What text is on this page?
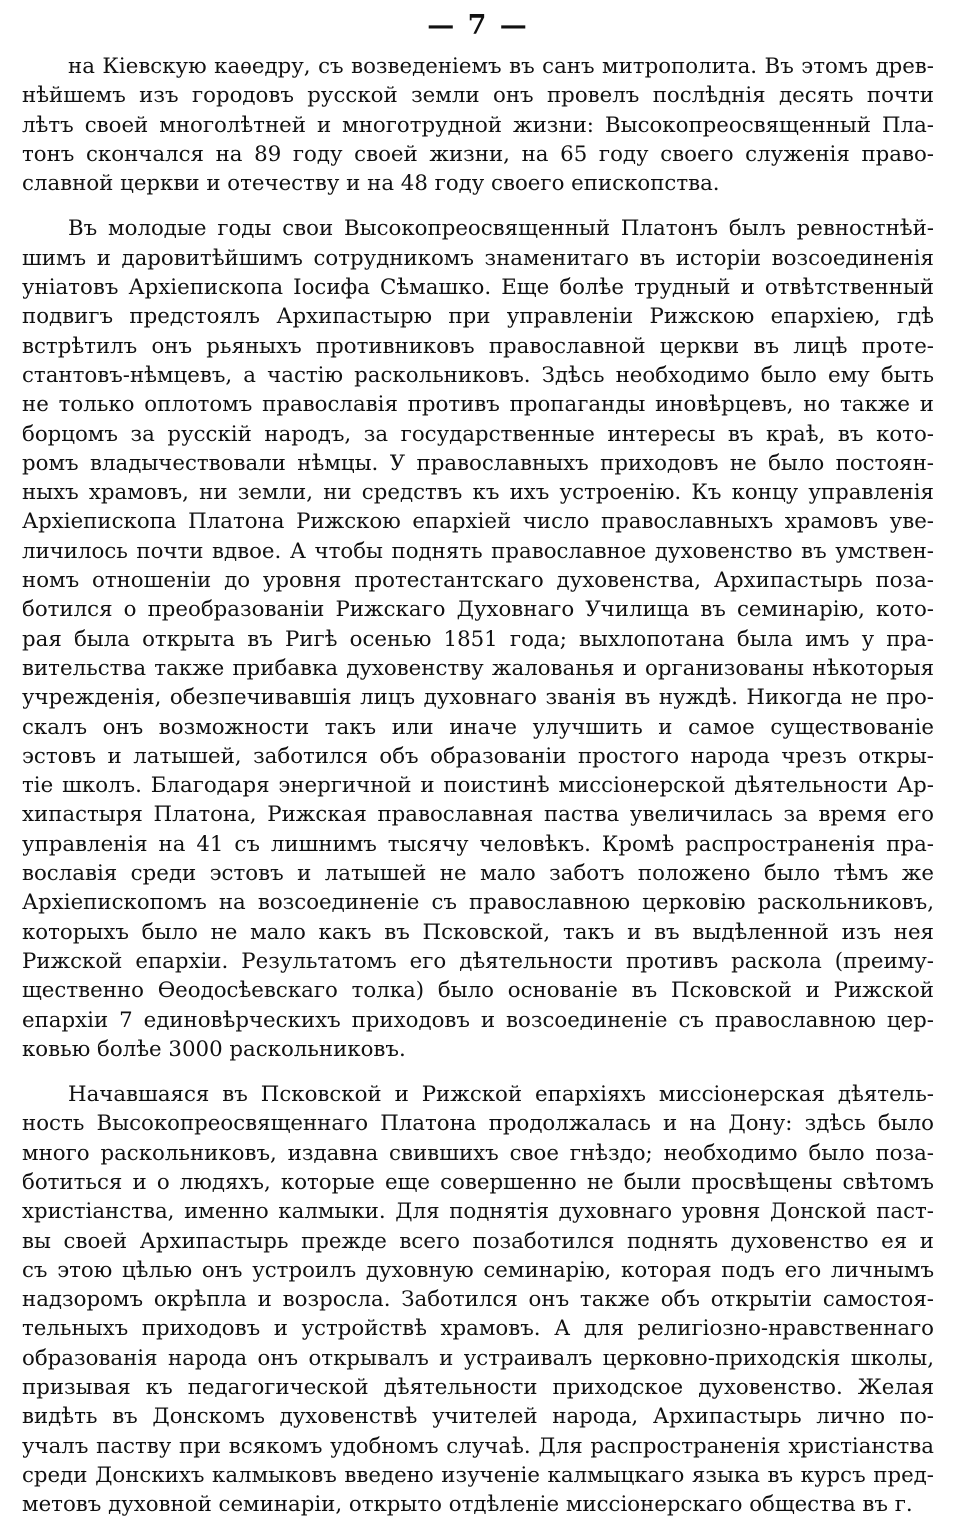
— 7 —
на Кіевскую каѳедру, съ возведеніемъ въ санъ митрополита. Въ этомъ древ-
нѣйшемъ изъ городовъ русской земли онъ провелъ послѣднія десять почти
лѣтъ своей многолѣтней и многотрудной жизни: Высокопреосвященный Пла-
тонъ скончался на 89 году своей жизни, на 65 году своего служенія право-
славной церкви и отечеству и на 48 году своего епископства.
Въ молодые годы свои Высокопреосвященный Платонъ былъ ревностнѣй-
шимъ и даровитѣйшимъ сотрудникомъ знаменитаго въ исторіи возсоединенія
уніатовъ Архіепископа Іосифа Сѣмашко. Еще болѣе трудный и отвѣтственный
подвигъ предстоялъ Архипастырю при управленіи Рижскою епархіею, гдѣ
встрѣтилъ онъ рьяныхъ противниковъ православной церкви въ лицѣ проте-
стантовъ-нѣмцевъ, а частію раскольниковъ. Здѣсь необходимо было ему быть
не только оплотомъ православія противъ пропаганды иновѣрцевъ, но также и
борцомъ за русскій народъ, за государственные интересы въ краѣ, въ кото-
ромъ владычествовали нѣмцы. У православныхъ приходовъ не было постоян-
ныхъ храмовъ, ни земли, ни средствъ къ ихъ устроенію. Къ концу управленія
Архіепископа Платона Рижскою епархіей число православныхъ храмовъ уве-
личилось почти вдвое. А чтобы поднять православное духовенство въ умствен-
номъ отношеніи до уровня протестантскаго духовенства, Архипастырь поза-
ботился о преобразованіи Рижскаго Духовнаго Училища въ семинарію, кото-
рая была открыта въ Ригѣ осенью 1851 года; выхлопотана была имъ у пра-
вительства также прибавка духовенству жалованья и организованы нѣкоторыя
учрежденія, обезпечивавшія лицъ духовнаго званія въ нуждѣ. Никогда не про-
скалъ онъ возможности такъ или иначе улучшить и самое существованіе
эстовъ и латышей, заботился объ образованіи простого народа чрезъ откры-
тіе школъ. Благодаря энергичной и поистинѣ миссіонерской дѣятельности Ар-
хипастыря Платона, Рижская православная паства увеличилась за время его
управленія на 41 съ лишнимъ тысячу человѣкъ. Кромѣ распространенія пра-
вославія среди эстовъ и латышей не мало заботъ положено было тѣмъ же
Архіепископомъ на возсоединеніе съ православною церковію раскольниковъ,
которыхъ было не мало какъ въ Псковской, такъ и въ выдѣленной изъ нея
Рижской епархіи. Результатомъ его дѣятельности противъ раскола (преиму-
щественно Ѳеодосѣевскаго толка) было основаніе въ Псковской и Рижской
епархіи 7 единовѣрческихъ приходовъ и возсоединеніе съ православною цер-
ковью болѣе 3000 раскольниковъ.
Начавшаяся въ Псковской и Рижской епархіяхъ миссіонерская дѣятель-
ность Высокопреосвященнаго Платона продолжалась и на Дону: здѣсь было
много раскольниковъ, издавна свившихъ свое гнѣздо; необходимо было поза-
ботиться и о людяхъ, которые еще совершенно не были просвѣщены свѣтомъ
христіанства, именно калмыки. Для поднятія духовнаго уровня Донской паст-
вы своей Архипастырь прежде всего позаботился поднять духовенство ея и
съ этою цѣлью онъ устроилъ духовную семинарію, которая подъ его личнымъ
надзоромъ окрѣпла и возросла. Заботился онъ также объ открытіи самостоя-
тельныхъ приходовъ и устройствѣ храмовъ. А для религіозно-нравственнаго
образованія народа онъ открывалъ и устраивалъ церковно-приходскія школы,
призывая къ педагогической дѣятельности приходское духовенство. Желая
видѣть въ Донскомъ духовенствѣ учителей народа, Архипастырь лично по-
учалъ паству при всякомъ удобномъ случаѣ. Для распространенія христіанства
среди Донскихъ калмыковъ введено изученіе калмыцкаго языка въ курсъ пред-
метовъ духовной семинаріи, открыто отдѣленіе миссіонерскаго общества въ г.
